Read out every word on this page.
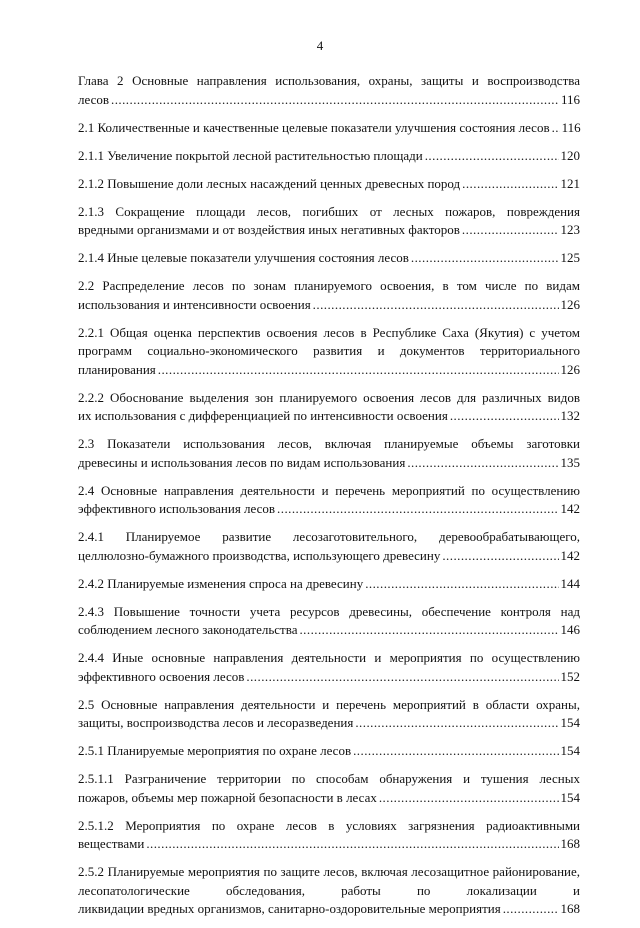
4
Глава 2 Основные направления использования, охраны, защиты и воспроизводства
лесов . . .	116
2.1 Количественные и качественные целевые показатели улучшения состояния лесов . . . 116
2.1.1 Увеличение покрытой лесной растительностью площади . . .	120
2.1.2 Повышение доли лесных насаждений ценных древесных пород . . .	121
2.1.3 Сокращение площади лесов, погибших от лесных пожаров, повреждения
вредными организмами и от воздействия иных негативных факторов . . .	123
2.1.4 Иные целевые показатели улучшения состояния лесов . . .	125
2.2 Распределение лесов по зонам планируемого освоения, в том числе по видам
использования и интенсивности освоения . . .	126
2.2.1 Общая оценка перспектив освоения лесов в Республике Саха (Якутия) с учетом программ социально-экономического развития и документов территориального
планирования . . .	126
2.2.2 Обоснование выделения зон планируемого освоения лесов для различных видов
их использования с дифференциацией по интенсивности освоения . . .	132
2.3 Показатели использования лесов, включая планируемые объемы заготовки
древесины и использования лесов по видам использования . . .	135
2.4 Основные направления деятельности и перечень мероприятий по осуществлению
эффективного использования лесов . . .	142
2.4.1 Планируемое развитие лесозаготовительного, деревообрабатывающего,
целлюлозно-бумажного производства, использующего древесину . . .	142
2.4.2 Планируемые изменения спроса на древесину . . .	144
2.4.3 Повышение точности учета ресурсов древесины, обеспечение контроля над
соблюдением лесного законодательства . . .	146
2.4.4 Иные основные направления деятельности и мероприятия по осуществлению
эффективного освоения лесов . . .	152
2.5 Основные направления деятельности и перечень мероприятий в области охраны,
защиты, воспроизводства лесов и лесоразведения . . .	154
2.5.1 Планируемые мероприятия по охране лесов . . .	154
2.5.1.1 Разграничение территории по способам обнаружения и тушения лесных
пожаров, объемы мер пожарной безопасности в лесах . . .	154
2.5.1.2 Мероприятия по охране лесов в условиях загрязнения радиоактивными
веществами . . .	168
2.5.2 Планируемые мероприятия по защите лесов, включая лесозащитное районирование, лесопатологические обследования, работы по локализации и
ликвидации вредных организмов, санитарно-оздоровительные мероприятия . . .	168
